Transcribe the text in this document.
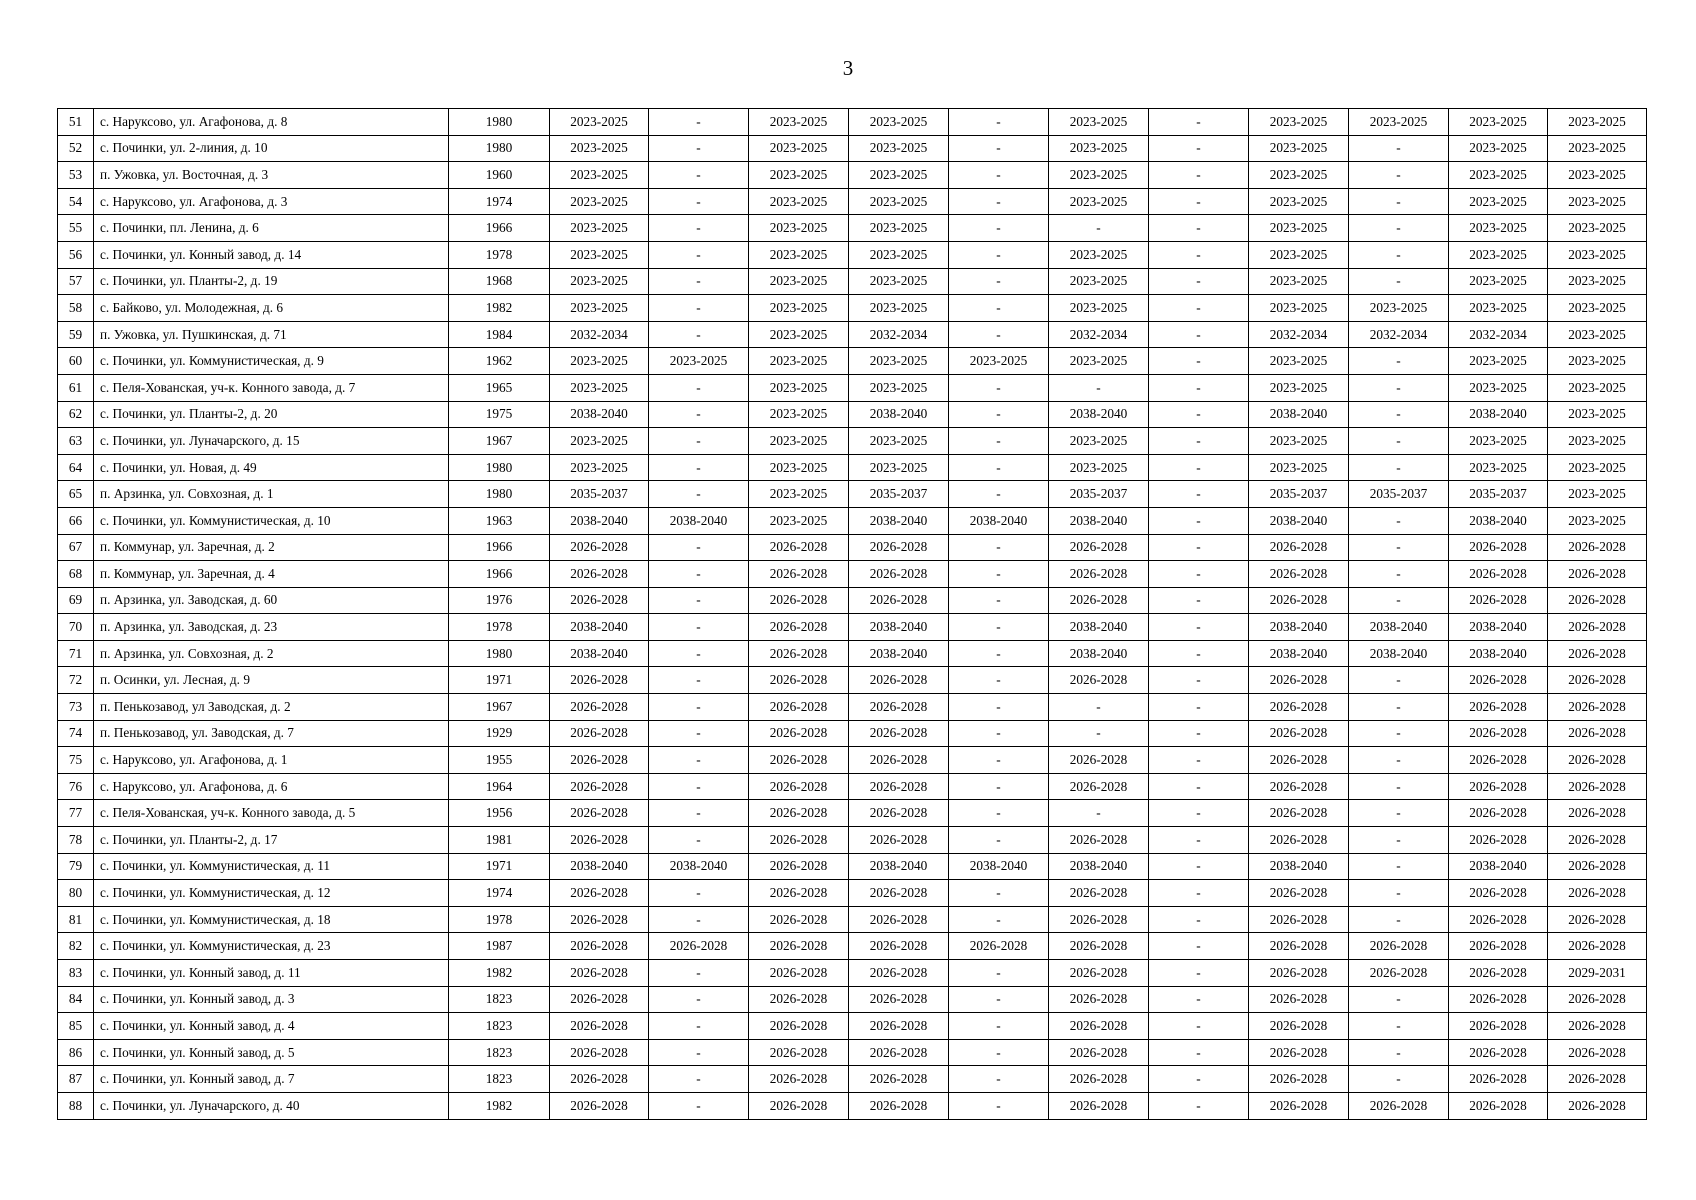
3
51	с. Наруксово, ул. Агафонова, д. 8	1980	2023-2025	-	2023-2025	2023-2025	-	2023-2025	-	2023-2025	2023-2025	2023-2025	2023-2025
52	с. Починки, ул. 2-линия, д. 10	1980	2023-2025	-	2023-2025	2023-2025	-	2023-2025	-	2023-2025	-	2023-2025	2023-2025
53	п. Ужовка, ул. Восточная, д. 3	1960	2023-2025	-	2023-2025	2023-2025	-	2023-2025	-	2023-2025	-	2023-2025	2023-2025
54	с. Наруксово, ул. Агафонова, д. 3	1974	2023-2025	-	2023-2025	2023-2025	-	2023-2025	-	2023-2025	-	2023-2025	2023-2025
55	с. Починки, пл. Ленина, д. 6	1966	2023-2025	-	2023-2025	2023-2025	-	-	-	2023-2025	-	2023-2025	2023-2025
56	с. Починки, ул. Конный завод, д. 14	1978	2023-2025	-	2023-2025	2023-2025	-	2023-2025	-	2023-2025	-	2023-2025	2023-2025
57	с. Починки, ул. Планты-2, д. 19	1968	2023-2025	-	2023-2025	2023-2025	-	2023-2025	-	2023-2025	-	2023-2025	2023-2025
58	с. Байково, ул. Молодежная, д. 6	1982	2023-2025	-	2023-2025	2023-2025	-	2023-2025	-	2023-2025	2023-2025	2023-2025	2023-2025
59	п. Ужовка, ул. Пушкинская, д. 71	1984	2032-2034	-	2023-2025	2032-2034	-	2032-2034	-	2032-2034	2032-2034	2032-2034	2023-2025
60	с. Починки, ул. Коммунистическая, д. 9	1962	2023-2025	2023-2025	2023-2025	2023-2025	2023-2025	2023-2025	-	2023-2025	-	2023-2025	2023-2025
61	с. Пеля-Хованская, уч-к. Конного завода, д. 7	1965	2023-2025	-	2023-2025	2023-2025	-	-	-	2023-2025	-	2023-2025	2023-2025
62	с. Починки, ул. Планты-2, д. 20	1975	2038-2040	-	2023-2025	2038-2040	-	2038-2040	-	2038-2040	-	2038-2040	2023-2025
63	с. Починки, ул. Луначарского, д. 15	1967	2023-2025	-	2023-2025	2023-2025	-	2023-2025	-	2023-2025	-	2023-2025	2023-2025
64	с. Починки, ул. Новая, д. 49	1980	2023-2025	-	2023-2025	2023-2025	-	2023-2025	-	2023-2025	-	2023-2025	2023-2025
65	п. Арзинка, ул. Совхозная, д. 1	1980	2035-2037	-	2023-2025	2035-2037	-	2035-2037	-	2035-2037	2035-2037	2035-2037	2023-2025
66	с. Починки, ул. Коммунистическая, д. 10	1963	2038-2040	2038-2040	2023-2025	2038-2040	2038-2040	2038-2040	-	2038-2040	-	2038-2040	2023-2025
67	п. Коммунар, ул. Заречная, д. 2	1966	2026-2028	-	2026-2028	2026-2028	-	2026-2028	-	2026-2028	-	2026-2028	2026-2028
68	п. Коммунар, ул. Заречная, д. 4	1966	2026-2028	-	2026-2028	2026-2028	-	2026-2028	-	2026-2028	-	2026-2028	2026-2028
69	п. Арзинка, ул. Заводская, д. 60	1976	2026-2028	-	2026-2028	2026-2028	-	2026-2028	-	2026-2028	-	2026-2028	2026-2028
70	п. Арзинка, ул. Заводская, д. 23	1978	2038-2040	-	2026-2028	2038-2040	-	2038-2040	-	2038-2040	2038-2040	2038-2040	2026-2028
71	п. Арзинка, ул. Совхозная, д. 2	1980	2038-2040	-	2026-2028	2038-2040	-	2038-2040	-	2038-2040	2038-2040	2038-2040	2026-2028
72	п. Осинки, ул. Лесная, д. 9	1971	2026-2028	-	2026-2028	2026-2028	-	2026-2028	-	2026-2028	-	2026-2028	2026-2028
73	п. Пенькозавод, ул Заводская, д. 2	1967	2026-2028	-	2026-2028	2026-2028	-	-	-	2026-2028	-	2026-2028	2026-2028
74	п. Пенькозавод, ул. Заводская, д. 7	1929	2026-2028	-	2026-2028	2026-2028	-	-	-	2026-2028	-	2026-2028	2026-2028
75	с. Наруксово, ул. Агафонова, д. 1	1955	2026-2028	-	2026-2028	2026-2028	-	2026-2028	-	2026-2028	-	2026-2028	2026-2028
76	с. Наруксово, ул. Агафонова, д. 6	1964	2026-2028	-	2026-2028	2026-2028	-	2026-2028	-	2026-2028	-	2026-2028	2026-2028
77	с. Пеля-Хованская, уч-к. Конного завода, д. 5	1956	2026-2028	-	2026-2028	2026-2028	-	-	-	2026-2028	-	2026-2028	2026-2028
78	с. Починки, ул. Планты-2, д. 17	1981	2026-2028	-	2026-2028	2026-2028	-	2026-2028	-	2026-2028	-	2026-2028	2026-2028
79	с. Починки, ул. Коммунистическая, д. 11	1971	2038-2040	2038-2040	2026-2028	2038-2040	2038-2040	2038-2040	-	2038-2040	-	2038-2040	2026-2028
80	с. Починки, ул. Коммунистическая, д. 12	1974	2026-2028	-	2026-2028	2026-2028	-	2026-2028	-	2026-2028	-	2026-2028	2026-2028
81	с. Починки, ул. Коммунистическая, д. 18	1978	2026-2028	-	2026-2028	2026-2028	-	2026-2028	-	2026-2028	-	2026-2028	2026-2028
82	с. Починки, ул. Коммунистическая, д. 23	1987	2026-2028	2026-2028	2026-2028	2026-2028	2026-2028	2026-2028	-	2026-2028	2026-2028	2026-2028	2026-2028
83	с. Починки, ул. Конный завод, д. 11	1982	2026-2028	-	2026-2028	2026-2028	-	2026-2028	-	2026-2028	2026-2028	2026-2028	2029-2031
84	с. Починки, ул. Конный завод, д. 3	1823	2026-2028	-	2026-2028	2026-2028	-	2026-2028	-	2026-2028	-	2026-2028	2026-2028
85	с. Починки, ул. Конный завод, д. 4	1823	2026-2028	-	2026-2028	2026-2028	-	2026-2028	-	2026-2028	-	2026-2028	2026-2028
86	с. Починки, ул. Конный завод, д. 5	1823	2026-2028	-	2026-2028	2026-2028	-	2026-2028	-	2026-2028	-	2026-2028	2026-2028
87	с. Починки, ул. Конный завод, д. 7	1823	2026-2028	-	2026-2028	2026-2028	-	2026-2028	-	2026-2028	-	2026-2028	2026-2028
88	с. Починки, ул. Луначарского, д. 40	1982	2026-2028	-	2026-2028	2026-2028	-	2026-2028	-	2026-2028	2026-2028	2026-2028	2026-2028
